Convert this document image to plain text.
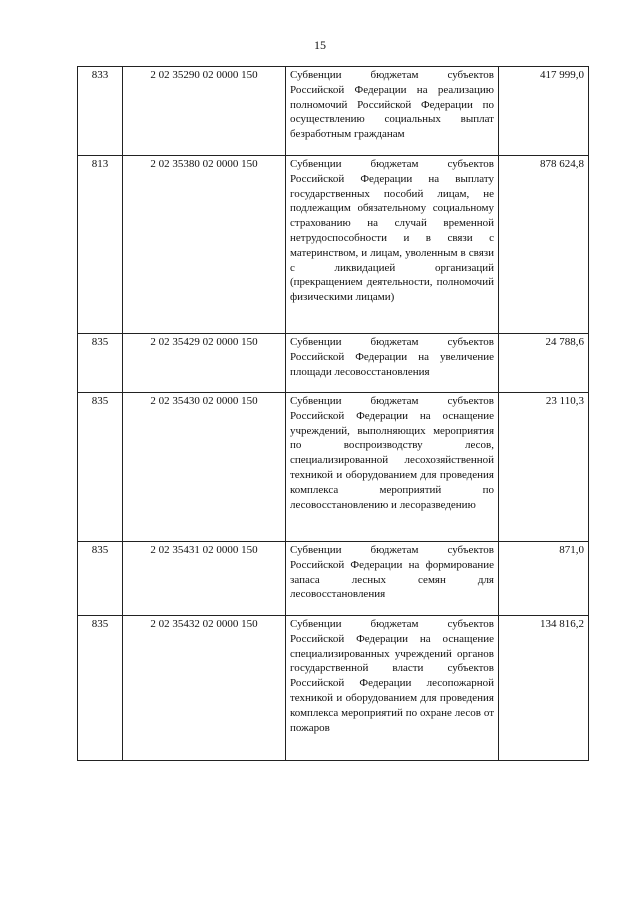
15
833	2 02 35290 02 0000 150	Субвенции бюджетам субъектов Российской Федерации на реализацию полномочий Российской Федерации по осуществлению социальных выплат безработным гражданам	417 999,0
813	2 02 35380 02 0000 150	Субвенции бюджетам субъектов Российской Федерации на выплату государственных пособий лицам, не подлежащим обязательному социальному страхованию на случай временной нетрудоспособности и в связи с материнством, и лицам, уволенным в связи с ликвидацией организаций (прекращением деятельности, полномочий физическими лицами)	878 624,8
835	2 02 35429 02 0000 150	Субвенции бюджетам субъектов Российской Федерации на увеличение площади лесовосстановления	24 788,6
835	2 02 35430 02 0000 150	Субвенции бюджетам субъектов Российской Федерации на оснащение учреждений, выполняющих мероприятия по воспроизводству лесов, специализированной лесохозяйственной техникой и оборудованием для проведения комплекса мероприятий по лесовосстановлению и лесоразведению	23 110,3
835	2 02 35431 02 0000 150	Субвенции бюджетам субъектов Российской Федерации на формирование запаса лесных семян для лесовосстановления	871,0
835	2 02 35432 02 0000 150	Субвенции бюджетам субъектов Российской Федерации на оснащение специализированных учреждений органов государственной власти субъектов Российской Федерации лесопожарной техникой и оборудованием для проведения комплекса мероприятий по охране лесов от пожаров	134 816,2
